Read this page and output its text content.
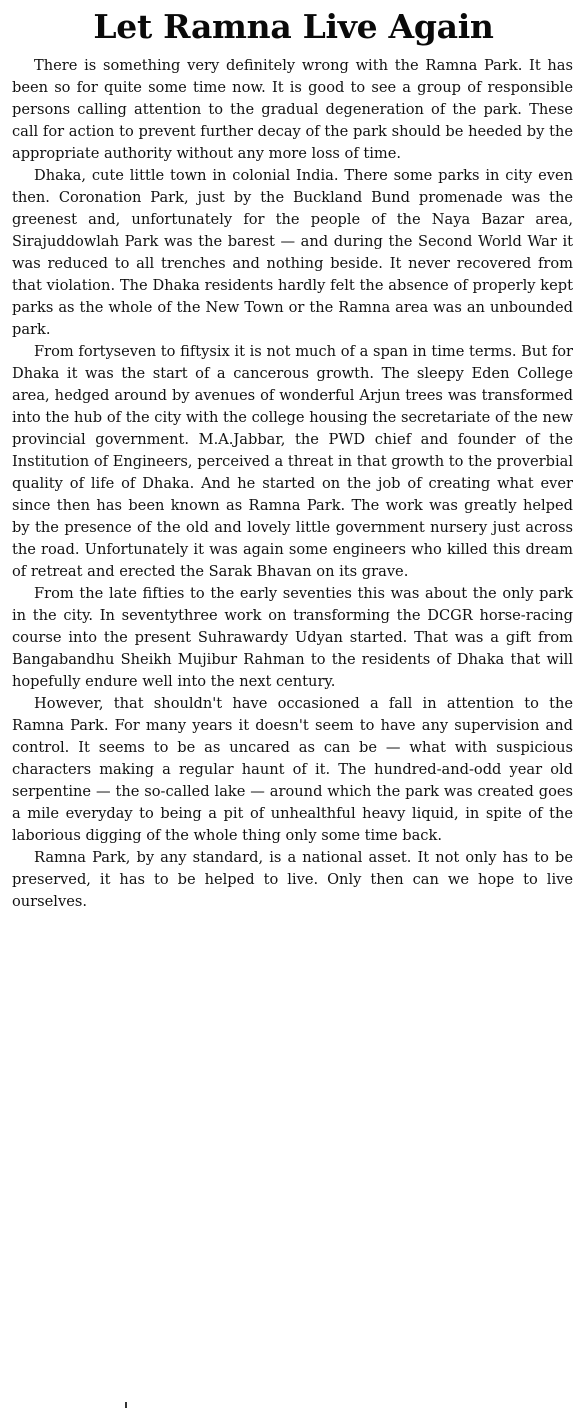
Let Ramna Live Again

There is something very definitely wrong with the Ramna Park. It has been so for quite some time now. It is good to see a group of responsible persons calling attention to the gradual degeneration of the park. These call for action to prevent further decay of the park should be heeded by the appropriate authority without any more loss of time.

Dhaka, cute little town in colonial India. There some parks in city even then. Coronation Park, just by the Buckland Bund promenade was the greenest and, unfortunately for the people of the Naya Bazar area, Sirajuddowlah Park was the barest — and during the Second World War it was reduced to all trenches and nothing beside. It never recovered from that violation. The Dhaka residents hardly felt the absence of properly kept parks as the whole of the New Town or the Ramna area was an unbounded park.

From fortyseven to fiftysix it is not much of a span in time terms. But for Dhaka it was the start of a cancerous growth. The sleepy Eden College area, hedged around by avenues of wonderful Arjun trees was transformed into the hub of the city with the college housing the secretariate of the new provincial government. M.A.Jabbar, the PWD chief and founder of the Institution of Engineers, perceived a threat in that growth to the proverbial quality of life of Dhaka. And he started on the job of creating what ever since then has been known as Ramna Park. The work was greatly helped by the presence of the old and lovely little government nursery just across the road. Unfortunately it was again some engineers who killed this dream of retreat and erected the Sarak Bhavan on its grave.

From the late fifties to the early seventies this was about the only park in the city. In seventythree work on transforming the DCGR horse-racing course into the present Suhrawardy Udyan started. That was a gift from Bangabandhu Sheikh Mujibur Rahman to the residents of Dhaka that will hopefully endure well into the next century.

However, that shouldn't have occasioned a fall in attention to the Ramna Park. For many years it doesn't seem to have any supervision and control. It seems to be as uncared as can be — what with suspicious characters making a regular haunt of it. The hundred-and-odd year old serpentine — the so-called lake — around which the park was created goes a mile everyday to being a pit of unhealthful heavy liquid, in spite of the laborious digging of the whole thing only some time back.

Ramna Park, by any standard, is a national asset. It not only has to be preserved, it has to be helped to live. Only then can we hope to live ourselves.
